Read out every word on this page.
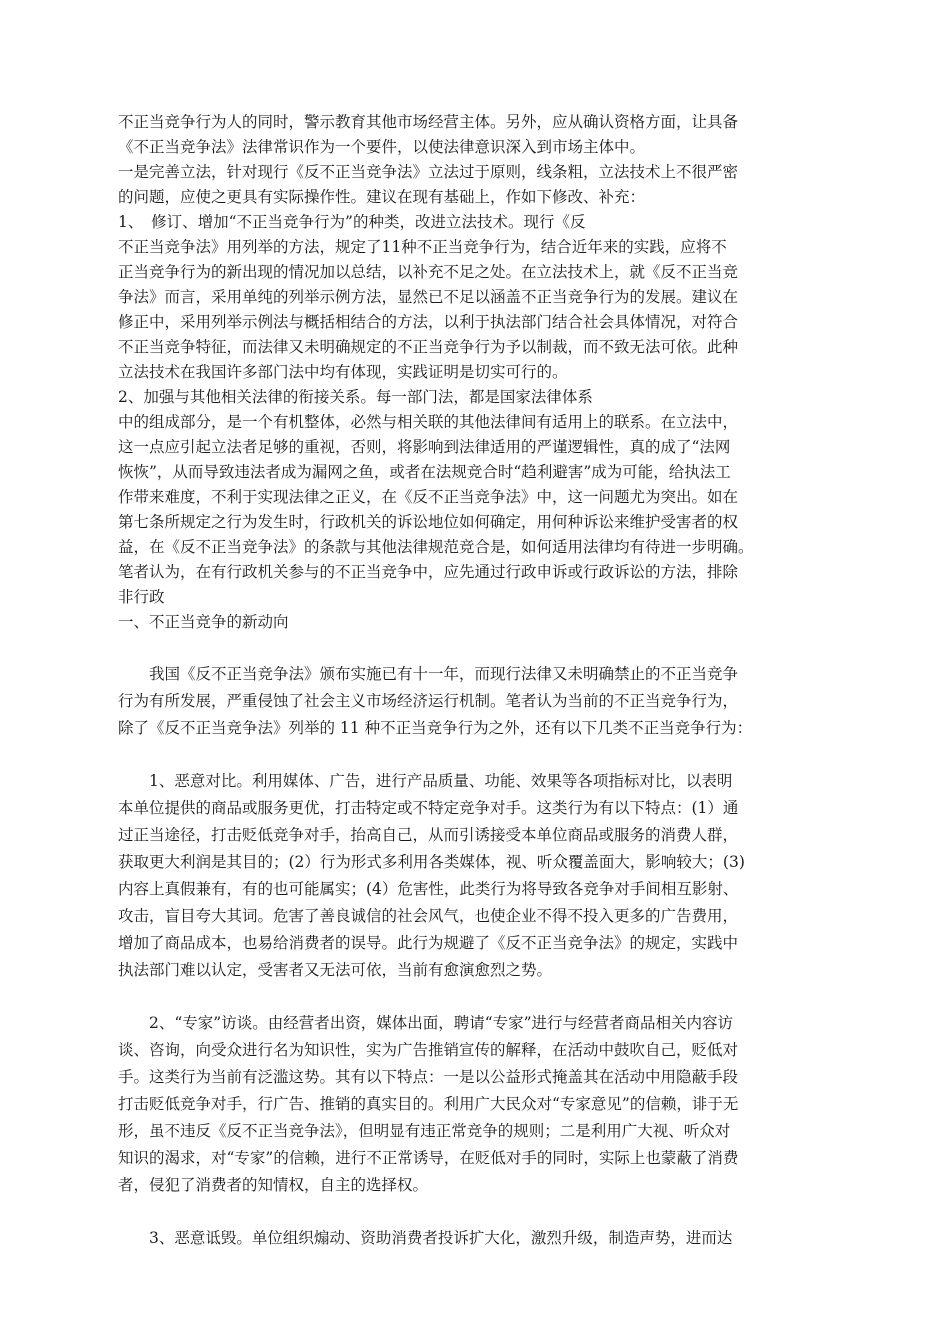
不正当竞争行为人的同时，警示教育其他市场经营主体。另外，应从确认资格方面，让具备
《不正当竞争法》法律常识作为一个要件，以使法律意识深入到市场主体中。
一是完善立法，针对现行《反不正当竞争法》立法过于原则，线条粗，立法技术上不很严密
的问题，应使之更具有实际操作性。建议在现有基础上，作如下修改、补充：
1、　修订、增加“不正当竞争行为”的种类，改进立法技术。现行《反
不正当竞争法》用列举的方法，规定了11种不正当竞争行为，结合近年来的实践，应将不
正当竞争行为的新出现的情况加以总结，以补充不足之处。在立法技术上，就《反不正当竞
争法》而言，采用单纯的列举示例方法，显然已不足以涵盖不正当竞争行为的发展。建议在
修正中，采用列举示例法与概括相结合的方法，以利于执法部门结合社会具体情况，对符合
不正当竞争特征，而法律又未明确规定的不正当竞争行为予以制裁，而不致无法可依。此种
立法技术在我国许多部门法中均有体现，实践证明是切实可行的。
2、加强与其他相关法律的衔接关系。每一部门法，都是国家法律体系
中的组成部分，是一个有机整体，必然与相关联的其他法律间有适用上的联系。在立法中，
这一点应引起立法者足够的重视，否则，将影响到法律适用的严谨逻辑性，真的成了“法网
恢恢”，从而导致违法者成为漏网之鱼，或者在法规竞合时“趋利避害”成为可能，给执法工
作带来难度，不利于实现法律之正义，在《反不正当竞争法》中，这一问题尤为突出。如在
第七条所规定之行为发生时，行政机关的诉讼地位如何确定，用何种诉讼来维护受害者的权
益，在《反不正当竞争法》的条款与其他法律规范竞合是，如何适用法律均有待进一步明确。
笔者认为，在有行政机关参与的不正当竞争中，应先通过行政申诉或行政诉讼的方法，排除
非行政
一、不正当竞争的新动向
我国《反不正当竞争法》颁布实施已有十一年，而现行法律又未明确禁止的不正当竞争
行为有所发展，严重侵蚀了社会主义市场经济运行机制。笔者认为当前的不正当竞争行为，
除了《反不正当竞争法》列举的 11 种不正当竞争行为之外，还有以下几类不正当竞争行为：
1、恶意对比。利用媒体、广告，进行产品质量、功能、效果等各项指标对比，以表明
本单位提供的商品或服务更优，打击特定或不特定竞争对手。这类行为有以下特点：(1）通
过正当途径，打击贬低竞争对手，抬高自己，从而引诱接受本单位商品或服务的消费人群，
获取更大利润是其目的；(2）行为形式多利用各类媒体，视、听众覆盖面大，影响较大；(3)
内容上真假兼有，有的也可能属实；(4）危害性，此类行为将导致各竞争对手间相互影射、
攻击，盲目夸大其词。危害了善良诚信的社会风气，也使企业不得不投入更多的广告费用，
增加了商品成本，也易给消费者的误导。此行为规避了《反不正当竞争法》的规定，实践中
执法部门难以认定，受害者又无法可依，当前有愈演愈烈之势。
2、“专家”访谈。由经营者出资，媒体出面，聘请“专家”进行与经营者商品相关内容访
谈、咨询，向受众进行名为知识性，实为广告推销宣传的解释，在活动中鼓吹自己，贬低对
手。这类行为当前有泛滥这势。其有以下特点：一是以公益形式掩盖其在活动中用隐蔽手段
打击贬低竞争对手，行广告、推销的真实目的。利用广大民众对“专家意见”的信赖，诽于无
形，虽不违反《反不正当竞争法》，但明显有违正常竞争的规则；二是利用广大视、听众对
知识的渴求，对“专家”的信赖，进行不正常诱导，在贬低对手的同时，实际上也蒙蔽了消费
者，侵犯了消费者的知情权，自主的选择权。
3、恶意诋毁。单位组织煽动、资助消费者投诉扩大化，激烈升级，制造声势，进而达
